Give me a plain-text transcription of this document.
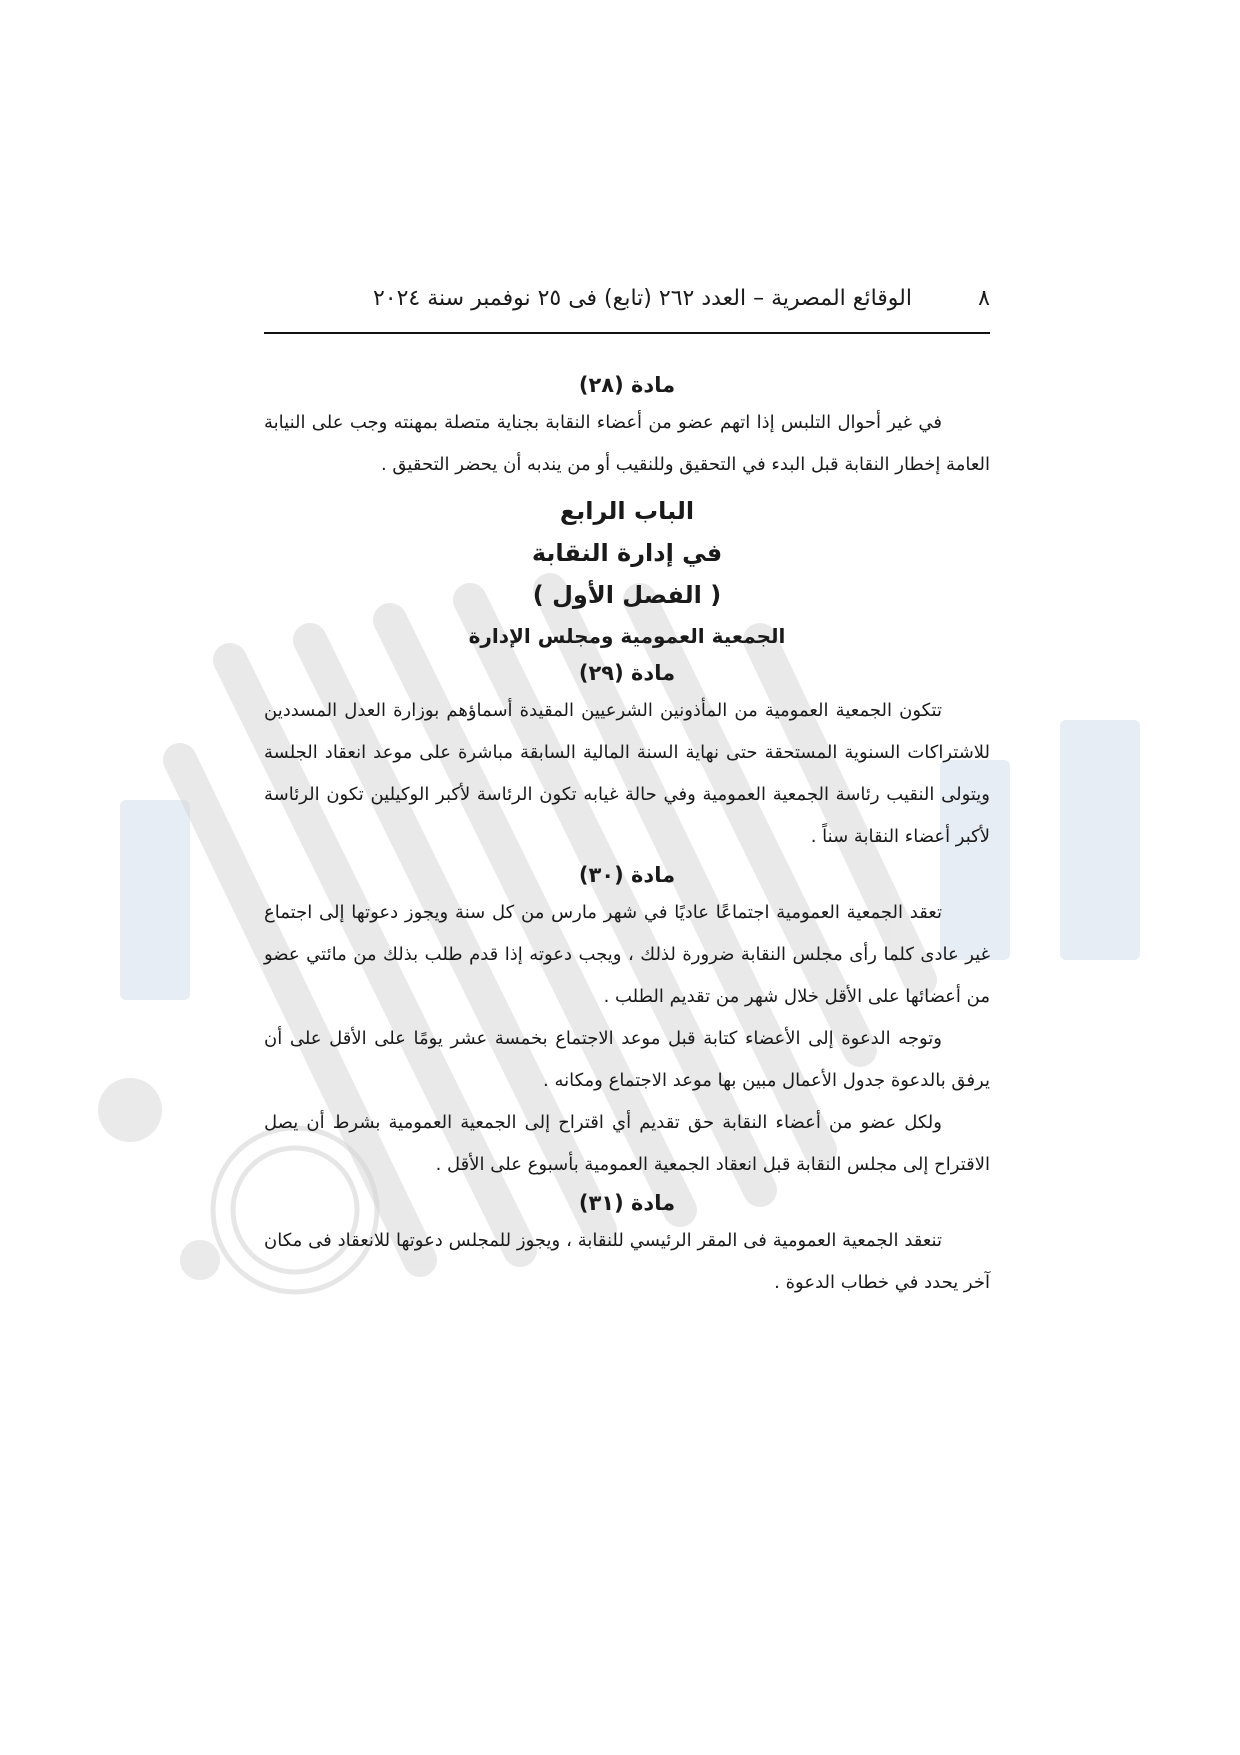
٨
الوقائع المصرية – العدد ٢٦٢ (تابع) فى ٢٥ نوفمبر سنة ٢٠٢٤
مادة (٢٨)

في غير أحوال التلبس إذا اتهم عضو من أعضاء النقابة بجناية متصلة بمهنته وجب على النيابة العامة إخطار النقابة قبل البدء في التحقيق وللنقيب أو من يندبه أن يحضر التحقيق .

الباب الرابع
في إدارة النقابة
( الفصل الأول )
الجمعية العمومية ومجلس الإدارة
مادة (٢٩)

تتكون الجمعية العمومية من المأذونين الشرعيين المقيدة أسماؤهم بوزارة العدل المسددين للاشتراكات السنوية المستحقة حتى نهاية السنة المالية السابقة مباشرة على موعد انعقاد الجلسة ويتولى النقيب رئاسة الجمعية العمومية وفي حالة غيابه تكون الرئاسة لأكبر الوكيلين تكون الرئاسة لأكبر أعضاء النقابة سناً .

مادة (٣٠)

تعقد الجمعية العمومية اجتماعًا عاديًا في شهر مارس من كل سنة ويجوز دعوتها إلى اجتماع غير عادى كلما رأى مجلس النقابة ضرورة لذلك ، ويجب دعوته إذا قدم طلب بذلك من مائتي عضو من أعضائها على الأقل خلال شهر من تقديم الطلب .

وتوجه الدعوة إلى الأعضاء كتابة قبل موعد الاجتماع بخمسة عشر يومًا على الأقل على أن يرفق بالدعوة جدول الأعمال مبين بها موعد الاجتماع ومكانه .

ولكل عضو من أعضاء النقابة حق تقديم أي اقتراح إلى الجمعية العمومية بشرط أن يصل الاقتراح إلى مجلس النقابة قبل انعقاد الجمعية العمومية بأسبوع على الأقل .

مادة (٣١)

تنعقد الجمعية العمومية فى المقر الرئيسي للنقابة ، ويجوز للمجلس دعوتها للانعقاد فى مكان آخر يحدد في خطاب الدعوة .
